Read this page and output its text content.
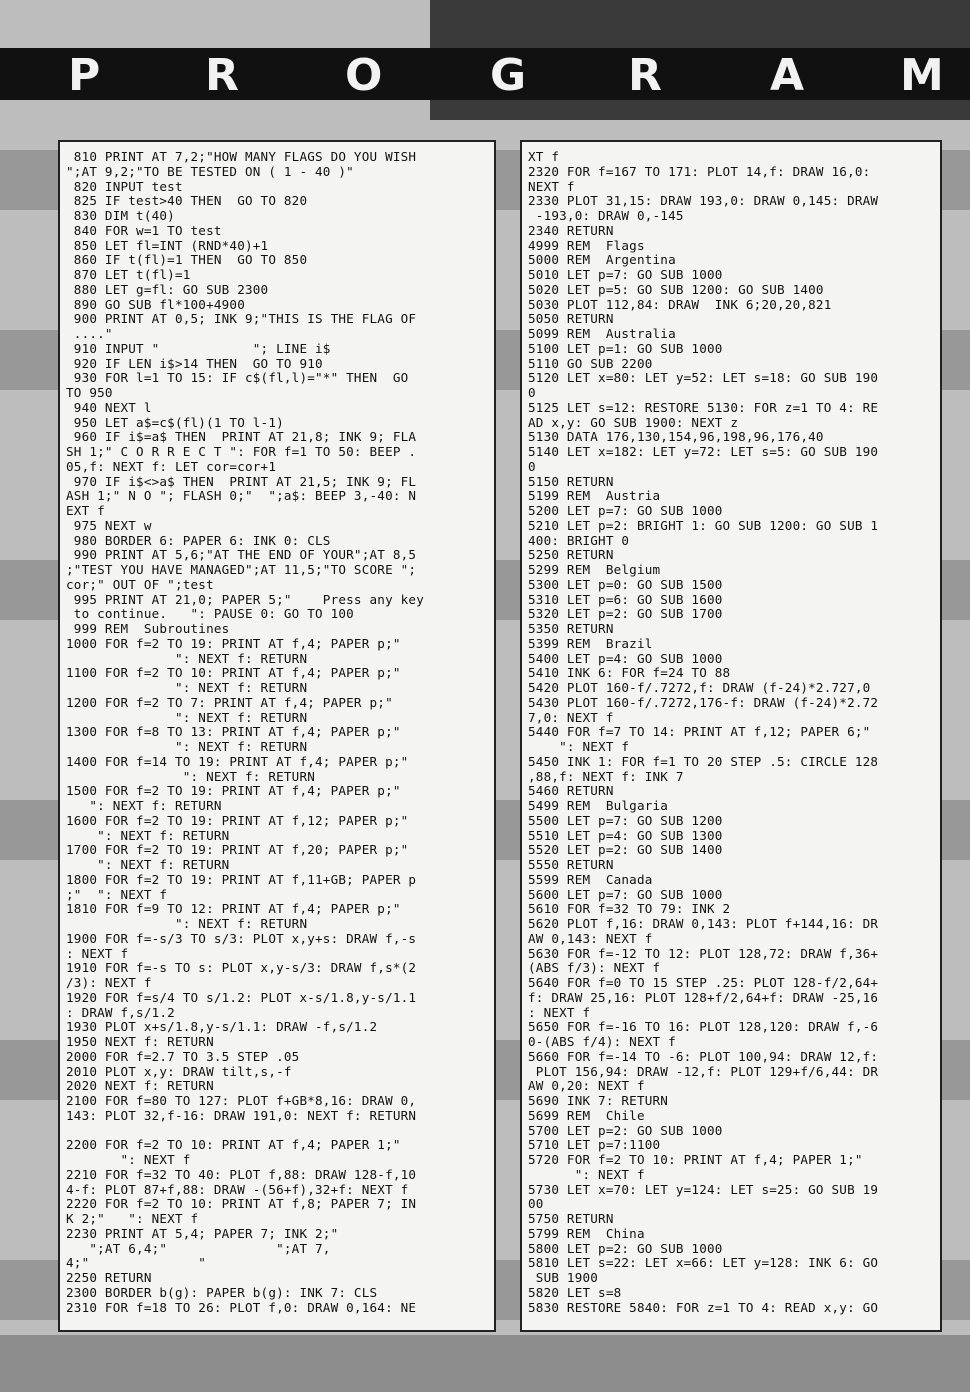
P R O G R A M
810 PRINT AT 7,2;"HOW MANY FLAGS DO YOU WISH
";AT 9,2;"TO BE TESTED ON ( 1 - 40 )"
820 INPUT test
825 IF test>40 THEN  GO TO 820
830 DIM t(40)
840 FOR w=1 TO test
850 LET fl=INT (RND*40)+1
860 IF t(fl)=1 THEN  GO TO 850
870 LET t(fl)=1
880 LET g=fl: GO SUB 2300
890 GO SUB fl*100+4900
900 PRINT AT 0,5; INK 9;"THIS IS THE FLAG OF
...."
910 INPUT "            "; LINE i$
920 IF LEN i$>14 THEN  GO TO 910
930 FOR l=1 TO 15: IF c$(fl,l)="*" THEN  GO
TO 950
940 NEXT l
950 LET a$=c$(fl)(1 TO l-1)
960 IF i$=a$ THEN  PRINT AT 21,8; INK 9; FLA
SH 1;" C O R R E C T ": FOR f=1 TO 50: BEEP .
05,f: NEXT f: LET cor=cor+1
970 IF i$<>a$ THEN  PRINT AT 21,5; INK 9; FL
ASH 1;" N O "; FLASH 0;"  ";a$: BEEP 3,-40: N
EXT f
975 NEXT w
980 BORDER 6: PAPER 6: INK 0: CLS
990 PRINT AT 5,6;"AT THE END OF YOUR";AT 8,5
;"TEST YOU HAVE MANAGED";AT 11,5;"TO SCORE ";
cor;" OUT OF ";test
995 PRINT AT 21,0; PAPER 5;"    Press any key
to continue.   ": PAUSE 0: GO TO 100
999 REM  Subroutines
1000 FOR f=2 TO 19: PRINT AT f,4; PAPER p;"
": NEXT f: RETURN
1100 FOR f=2 TO 10: PRINT AT f,4; PAPER p;"
": NEXT f: RETURN
1200 FOR f=2 TO 7: PRINT AT f,4; PAPER p;"
": NEXT f: RETURN
1300 FOR f=8 TO 13: PRINT AT f,4; PAPER p;"
": NEXT f: RETURN
1400 FOR f=14 TO 19: PRINT AT f,4; PAPER p;"
": NEXT f: RETURN
1500 FOR f=2 TO 19: PRINT AT f,4; PAPER p;"
": NEXT f: RETURN
1600 FOR f=2 TO 19: PRINT AT f,12; PAPER p;"
": NEXT f: RETURN
1700 FOR f=2 TO 19: PRINT AT f,20; PAPER p;"
": NEXT f: RETURN
1800 FOR f=2 TO 19: PRINT AT f,11+GB; PAPER p
;"  ": NEXT f
1810 FOR f=9 TO 12: PRINT AT f,4; PAPER p;"
": NEXT f: RETURN
1900 FOR f=-s/3 TO s/3: PLOT x,y+s: DRAW f,-s
: NEXT f
1910 FOR f=-s TO s: PLOT x,y-s/3: DRAW f,s*(2
/3): NEXT f
1920 FOR f=s/4 TO s/1.2: PLOT x-s/1.8,y-s/1.1
: DRAW f,s/1.2
1930 PLOT x+s/1.8,y-s/1.1: DRAW -f,s/1.2
1950 NEXT f: RETURN
2000 FOR f=2.7 TO 3.5 STEP .05
2010 PLOT x,y: DRAW tilt,s,-f
2020 NEXT f: RETURN
2100 FOR f=80 TO 127: PLOT f+GB*8,16: DRAW 0,
143: PLOT 32,f-16: DRAW 191,0: NEXT f: RETURN
2200 FOR f=2 TO 10: PRINT AT f,4; PAPER 1;"
": NEXT f
2210 FOR f=32 TO 40: PLOT f,88: DRAW 128-f,10
4-f: PLOT 87+f,88: DRAW -(56+f),32+f: NEXT f
2220 FOR f=2 TO 10: PRINT AT f,8; PAPER 7; IN
K 2;"   ": NEXT f
2230 PRINT AT 5,4; PAPER 7; INK 2;"
";AT 6,4;"              ";AT 7,
4;"              "
2250 RETURN
2300 BORDER b(g): PAPER b(g): INK 7: CLS
2310 FOR f=18 TO 26: PLOT f,0: DRAW 0,164: NE
XT f
2320 FOR f=167 TO 171: PLOT 14,f: DRAW 16,0:
NEXT f
2330 PLOT 31,15: DRAW 193,0: DRAW 0,145: DRAW
-193,0: DRAW 0,-145
2340 RETURN
4999 REM  Flags
5000 REM  Argentina
5010 LET p=7: GO SUB 1000
5020 LET p=5: GO SUB 1200: GO SUB 1400
5030 PLOT 112,84: DRAW  INK 6;20,20,821
5050 RETURN
5099 REM  Australia
5100 LET p=1: GO SUB 1000
5110 GO SUB 2200
5120 LET x=80: LET y=52: LET s=18: GO SUB 190
0
5125 LET s=12: RESTORE 5130: FOR z=1 TO 4: RE
AD x,y: GO SUB 1900: NEXT z
5130 DATA 176,130,154,96,198,96,176,40
5140 LET x=182: LET y=72: LET s=5: GO SUB 190
0
5150 RETURN
5199 REM  Austria
5200 LET p=7: GO SUB 1000
5210 LET p=2: BRIGHT 1: GO SUB 1200: GO SUB 1
400: BRIGHT 0
5250 RETURN
5299 REM  Belgium
5300 LET p=0: GO SUB 1500
5310 LET p=6: GO SUB 1600
5320 LET p=2: GO SUB 1700
5350 RETURN
5399 REM  Brazil
5400 LET p=4: GO SUB 1000
5410 INK 6: FOR f=24 TO 88
5420 PLOT 160-f/.7272,f: DRAW (f-24)*2.727,0
5430 PLOT 160-f/.7272,176-f: DRAW (f-24)*2.72
7,0: NEXT f
5440 FOR f=7 TO 14: PRINT AT f,12; PAPER 6;"
": NEXT f
5450 INK 1: FOR f=1 TO 20 STEP .5: CIRCLE 128
,88,f: NEXT f: INK 7
5460 RETURN
5499 REM  Bulgaria
5500 LET p=7: GO SUB 1200
5510 LET p=4: GO SUB 1300
5520 LET p=2: GO SUB 1400
5550 RETURN
5599 REM  Canada
5600 LET p=7: GO SUB 1000
5610 FOR f=32 TO 79: INK 2
5620 PLOT f,16: DRAW 0,143: PLOT f+144,16: DR
AW 0,143: NEXT f
5630 FOR f=-12 TO 12: PLOT 128,72: DRAW f,36+
(ABS f/3): NEXT f
5640 FOR f=0 TO 15 STEP .25: PLOT 128-f/2,64+
f: DRAW 25,16: PLOT 128+f/2,64+f: DRAW -25,16
: NEXT f
5650 FOR f=-16 TO 16: PLOT 128,120: DRAW f,-6
0-(ABS f/4): NEXT f
5660 FOR f=-14 TO -6: PLOT 100,94: DRAW 12,f:
PLOT 156,94: DRAW -12,f: PLOT 129+f/6,44: DR
AW 0,20: NEXT f
5690 INK 7: RETURN
5699 REM  Chile
5700 LET p=2: GO SUB 1000
5710 LET p=7:1100
5720 FOR f=2 TO 10: PRINT AT f,4; PAPER 1;"
": NEXT f
5730 LET x=70: LET y=124: LET s=25: GO SUB 19
00
5750 RETURN
5799 REM  China
5800 LET p=2: GO SUB 1000
5810 LET s=22: LET x=66: LET y=128: INK 6: GO
SUB 1900
5820 LET s=8
5830 RESTORE 5840: FOR z=1 TO 4: READ x,y: GO
